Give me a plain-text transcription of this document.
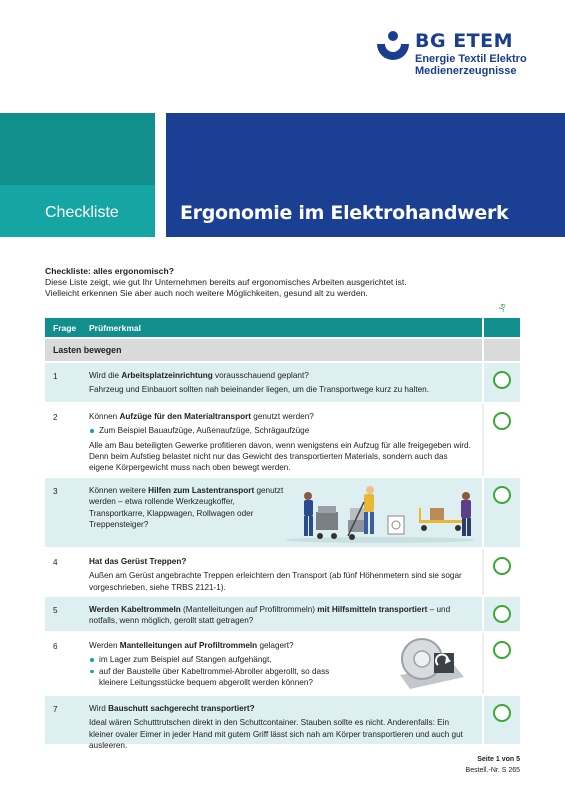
BG ETEM
Energie Textil Elektro
Medienerzeugnisse
Checkliste	Ergonomie im Elektrohandwerk
Checkliste: alles ergonomisch?
Diese Liste zeigt, wie gut Ihr Unternehmen bereits auf ergonomisches Arbeiten ausgerichtet ist.
Vielleicht erkennen Sie aber auch noch weitere Möglichkeiten, gesund alt zu werden.
Ja
Frage	Prüfmerkmal
Lasten bewegen
1	Wird die Arbeitsplatzeinrichtung vorausschauend geplant?

Fahrzeug und Einbauort sollten nah beieinander liegen, um die Transportwege kurz zu halten.

2	Können Aufzüge für den Materialtransport genutzt werden?

Zum Beispiel Bauaufzüge, Außenaufzüge, Schrägaufzüge

Alle am Bau beteiligten Gewerke profitieren davon, wenn wenigstens ein Aufzug für alle freigegeben wird. Denn beim Aufstieg belastet nicht nur das Gewicht des transportierten Materials, sondern auch das eigene Körpergewicht muss nach oben bewegt werden.

3	Können weitere Hilfen zum Lastentransport genutzt werden – etwa rollende Werkzeugkoffer, Transportkarre, Klappwagen, Rollwagen oder Treppensteiger?

4	Hat das Gerüst Treppen?

Außen am Gerüst angebrachte Treppen erleichtern den Transport (ab fünf Höhenmetern sind sie sogar vorgeschrieben, siehe TRBS 2121-1).

5	Werden Kabeltrommeln (Mantelleitungen auf Profiltrommeln) mit Hilfsmitteln transportiert – und notfalls, wenn möglich, gerollt statt getragen?

6	Werden Mantelleitungen auf Profiltrommeln gelagert?

im Lager zum Beispiel auf Stangen aufgehängt,
auf der Baustelle über Kabeltrommel-Abroller abgerollt, so dass kleinere Leitungsstücke bequem abgerollt werden können?
7	Wird Bauschutt sachgerecht transportiert?

Ideal wären Schutttrutschen direkt in den Schuttcontainer. Stauben sollte es nicht. Anderenfalls: Ein kleiner ovaler Eimer in jeder Hand mit gutem Griff lässt sich nah am Körper transportieren und auch gut ausleeren.

Seite 1 von 5
Bestell.-Nr. S 265
